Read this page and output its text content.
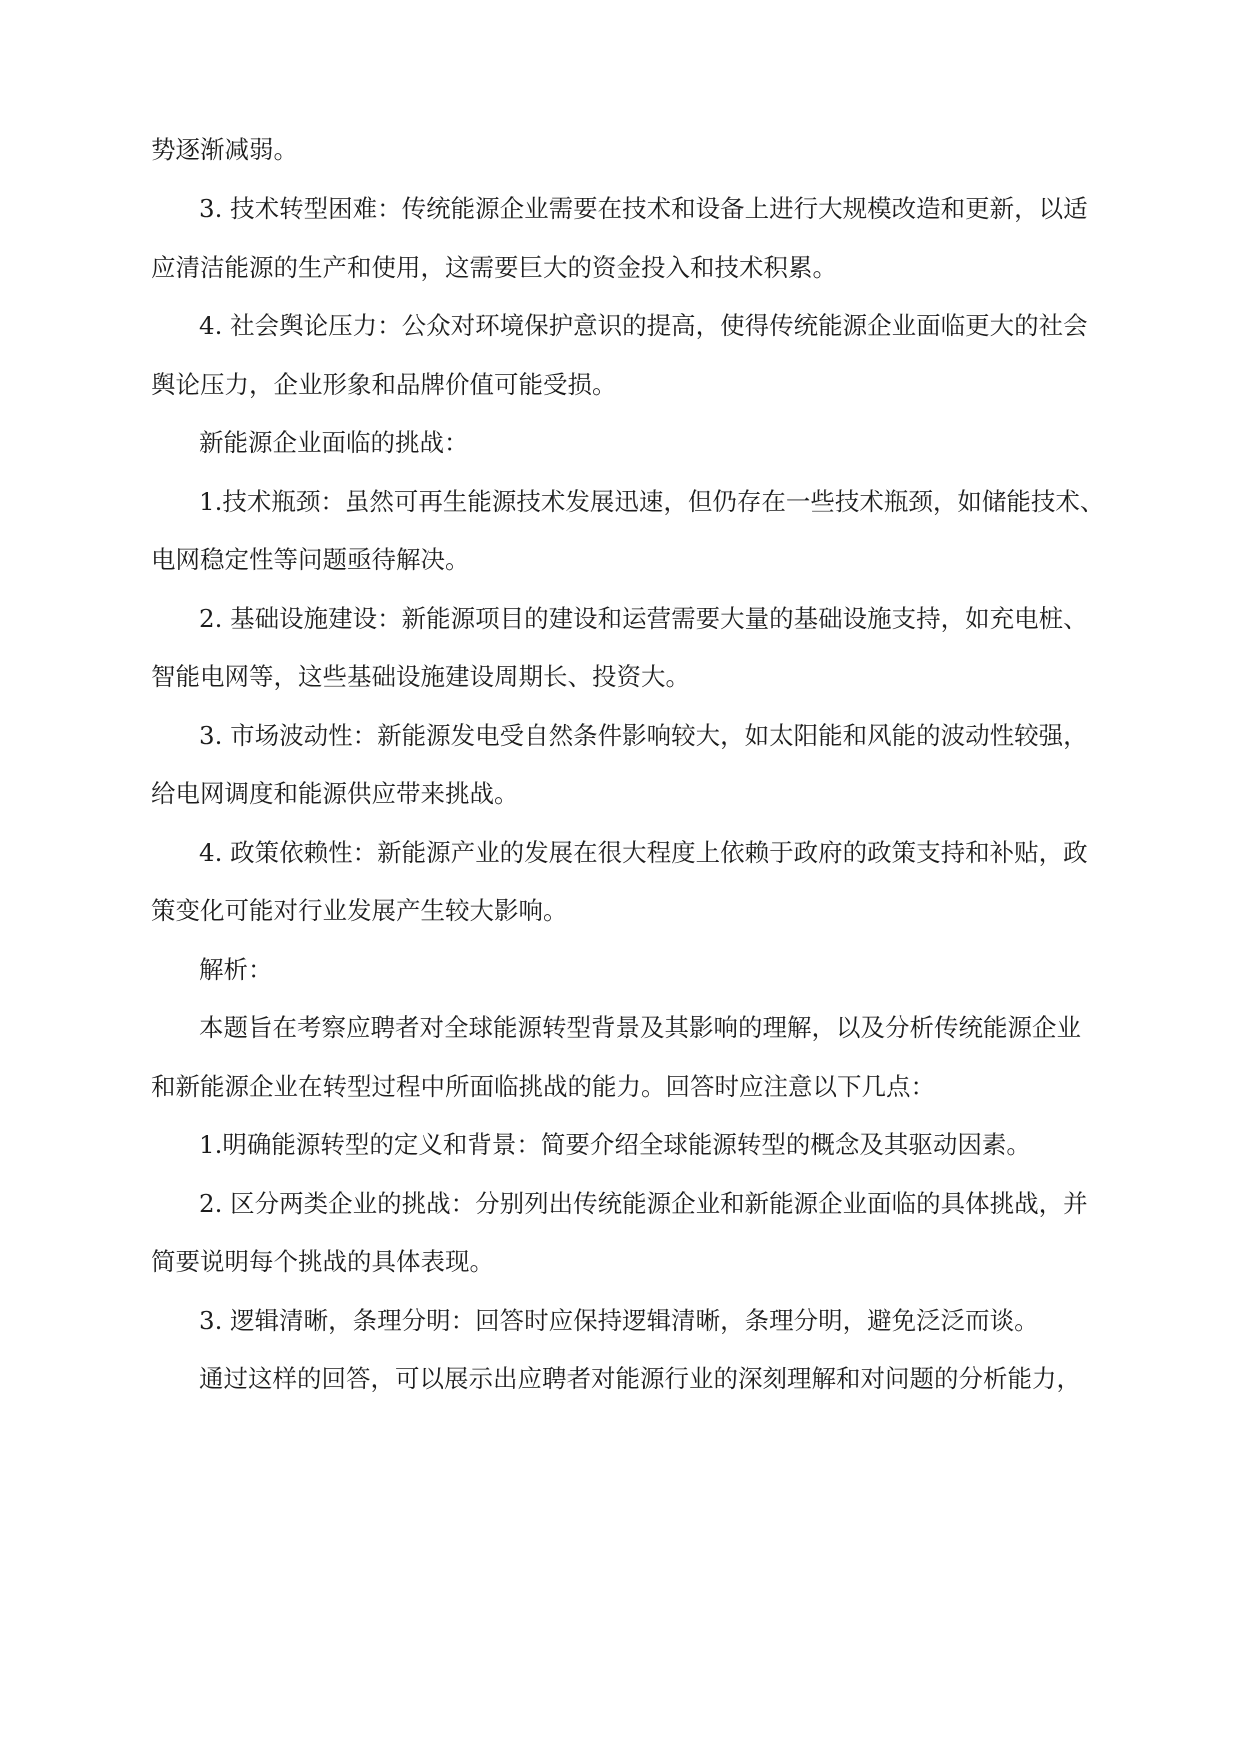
势逐渐减弱。
3. 技术转型困难：传统能源企业需要在技术和设备上进行大规模改造和更新，以适
应清洁能源的生产和使用，这需要巨大的资金投入和技术积累。
4. 社会舆论压力：公众对环境保护意识的提高，使得传统能源企业面临更大的社会
舆论压力，企业形象和品牌价值可能受损。
新能源企业面临的挑战：
1.技术瓶颈：虽然可再生能源技术发展迅速，但仍存在一些技术瓶颈，如储能技术、
电网稳定性等问题亟待解决。
2. 基础设施建设：新能源项目的建设和运营需要大量的基础设施支持，如充电桩、
智能电网等，这些基础设施建设周期长、投资大。
3. 市场波动性：新能源发电受自然条件影响较大，如太阳能和风能的波动性较强，
给电网调度和能源供应带来挑战。
4. 政策依赖性：新能源产业的发展在很大程度上依赖于政府的政策支持和补贴，政
策变化可能对行业发展产生较大影响。
解析：
本题旨在考察应聘者对全球能源转型背景及其影响的理解，以及分析传统能源企业
和新能源企业在转型过程中所面临挑战的能力。回答时应注意以下几点：
1.明确能源转型的定义和背景：简要介绍全球能源转型的概念及其驱动因素。
2. 区分两类企业的挑战：分别列出传统能源企业和新能源企业面临的具体挑战，并
简要说明每个挑战的具体表现。
3. 逻辑清晰，条理分明：回答时应保持逻辑清晰，条理分明，避免泛泛而谈。
通过这样的回答，可以展示出应聘者对能源行业的深刻理解和对问题的分析能力，
